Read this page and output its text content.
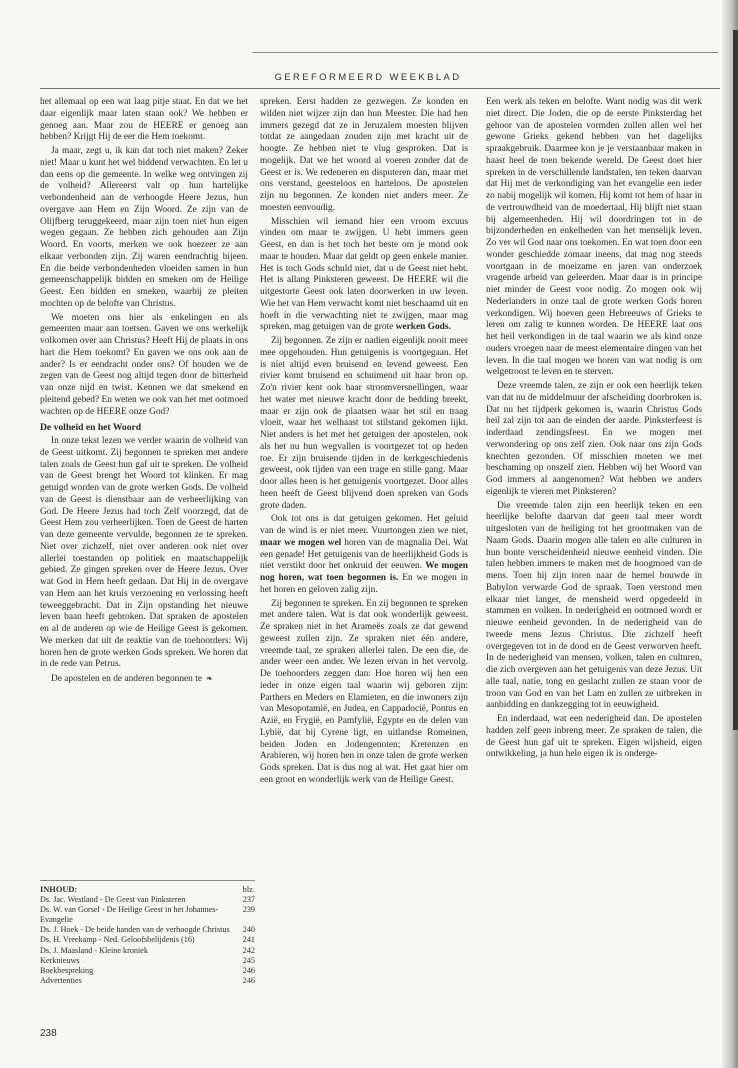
GEREFORMEERD WEEKBLAD

het allemaal op een wat laag pitje staat. En dat we het daar eigenlijk maar laten staan ook? We hebben er genoeg aan. Maar zou de HEERE er genoeg aan hebben? Krijgt Hij de eer die Hem toekomt.

Ja maar, zegt u, ik kan dat toch niet maken? Zeker niet! Maar u kunt het wel biddend verwachten. En let u dan eens op die gemeente. In welke weg ontvingen zij de volheid? Allereerst valt op hun hartelijke verbondenheid aan de verhoogde Heere Jezus, hun overgave aan Hem en Zijn Woord. Ze zijn van de Olijfberg teruggekeerd, maar zijn toen niet hun eigen wegen gegaan. Ze hebben zich gehouden aan Zijn Woord. En voorts, merken we ook hoezeer ze aan elkaar verbonden zijn. Zij waren eendrachtig bijeen. En die beide verbondenheden vloeiden samen in hun gemeenschappelijk bidden en smeken om de Heilige Geest. Een bidden en smeken, waarbij ze pleiten mochten op de belofte van Christus.

We moeten ons hier als enkelingen en als gemeenten maar aan toetsen. Gaven we ons werkelijk volkomen over aan Christus? Heeft Hij de plaats in ons hart die Hem toekomt? En gaven we ons ook aan de ander? Is er eendracht onder ons? Of houden we de zegen van de Geest nog altijd tegen door de bitterheid van onze nijd en twist. Kennen we dat smekend en pleitend gebed? En weten we ook van het met ootmoed wachten op de HEERE onze God?

De volheid en het Woord

In onze tekst lezen we verder waarin de volheid van de Geest uitkomt. Zij begonnen te spreken met andere talen zoals de Geest hun gaf uit te spreken. De volheid van de Geest brengt het Woord tot klinken. Er mag getuigd worden van de grote werken Gods. De volheid van de Geest is dienstbaar aan de verheerlijking van God. De Heere Jezus had toch Zelf voorzegd, dat de Geest Hem zou verheerlijken. Toen de Geest de harten van deze gemeente vervulde, begonnen ze te spreken. Niet over zichzelf, niet over anderen ook niet over allerlei toestanden op politiek en maatschappelijk gebied. Ze gingen spreken over de Heere Jezus. Over wat God in Hem heeft gedaan. Dat Hij in de overgave van Hem aan het kruis verzoening en verlossing heeft teweeggebracht. Dat in Zijn opstanding het nieuwe leven baan heeft gebroken. Dat spraken de apostelen en al de anderen op wie de Heilige Geest is gekomen. We merken dat uit de reaktie van de toehoorders: Wij horen hen de grote werken Gods spreken. We horen dat in de rede van Petrus.

De apostelen en de anderen begonnen te ❧

spreken. Eerst hadden ze gezwegen. Ze konden en wilden niet wijzer zijn dan hun Meester. Die had hen immers gezegd dat ze in Jeruzalem moesten blijven totdat ze aangedaan zouden zijn met kracht uit de hoogte. Ze hebben niet te vlug gesproken. Dat is mogelijk. Dat we het woord al voeren zonder dat de Geest er is. We redeneren en disputeren dan, maar met ons verstand, geesteloos en harteloos. De apostelen zijn nu begonnen. Ze konden niet anders meer. Ze moesten eenvoudig.

Misschien wil iemand hier een vroom excuus vinden om maar te zwijgen. U hebt immers geen Geest, en dan is het toch het beste om je mond ook maar te houden. Maar dat geldt op geen enkele manier. Het is toch Gods schuld niet, dat u de Geest niet hebt. Het is allang Pinksteren geweest. De HEERE wil die uitgestorte Geest ook laten doorwerken in uw leven. Wie het van Hem verwacht komt niet beschaamd uit en hoeft in die verwachting niet te zwijgen, maar mag spreken, mag getuigen van de grote werken Gods.

Zij begonnen. Ze zijn er nadien eigenlijk nooit meer mee opgehouden. Hun getuigenis is voortgegaan. Het is niet altijd even bruisend en levend geweest. Een rivier komt bruisend en schuimend uit haar bron op. Zo'n rivier kent ook haar stroomversnellingen, waar het water met nieuwe kracht door de bedding breekt, maar er zijn ook de plaatsen waar het stil en traag vloeit, waar het welhaast tot stilstand gekomen lijkt. Niet anders is het met het getuigen der apostelen, ook als het nu hun wegvallen is voortgezet tot op heden toe. Er zijn bruisende tijden in de kerkgeschiedenis geweest, ook tijden van een trage en stille gang. Maar door alles heen is het getuigenis voortgezet. Door alles heen heeft de Geest blijvend doen spreken van Gods grote daden.

Ook tot ons is dat getuigen gekomen. Het geluid van de wind is er niet meer. Vuurtongen zien we niet, maar we mogen wel horen van de magnalia Dei. Wat een genade! Het getuigenis van de heerlijkheid Gods is niet verstikt door het onkruid der eeuwen. We mogen nog horen, wat toen begonnen is. En we mogen in het horen en geloven zalig zijn.

Zij begonnen te spreken. En zij begonnen te spreken met andere talen. Wat is dat ook wonderlijk geweest. Ze spraken niet in het Arameës zoals ze dat gewend geweest zullen zijn. Ze spraken niet één andere, vreemde taal, ze spraken allerlei talen. De een die, de ander weer een ander. We lezen ervan in het vervolg. De toehoorders zeggen dan: Hoe horen wij hen een ieder in onze eigen taal waarin wij geboren zijn: Parthers en Meders en Elamieten, en die inwoners zijn van Mesopotamië, en Judea, en Cappadocië, Pontus en Azië, en Frygië, en Pamfylië, Egypte en de delen van Lybië, dat bij Cyrene ligt, en uitlandse Romeinen, beiden Joden en Jodengenoten; Kretenzen en Arabieren, wij horen hen in onze talen de grote werken Gods spreken. Dat is dus nog al wat. Het gaat hier om een groot en wonderlijk werk van de Heilige Geest.

Een werk als teken en belofte. Want nodig was dit werk niet direct. Die Joden, die op de eerste Pinksterdag het gehoor van de apostelen vormden zullen allen wel het gewone Grieks gekend hebben van het dagelijks spraakgebruik. Daarmee kon je je verstaanbaar maken in haast heel de toen bekende wereld. De Geest doet hier spreken in de verschillende landstalen, ten teken daarvan dat Hij met de verkondiging van het evangelie een ieder zo nabij mogelijk wil komen. Hij komt tot hem of haar in de vertrouwdheid van de moedertaal, Hij blijft niet staan bij algemeenheden. Hij wil doordringen tot in de bijzonderheden en enkelheden van het menselijk leven. Zo ver wil God naar ons toekomen. En wat toen door een wonder geschiedde zomaar ineens, dat mag nog steeds voortgaan in de moeizame en jaren van onderzoek vragende arbeid van geleerden. Maar daar is in principe niet minder de Geest voor nodig. Zo mogen ook wij Nederlanders in onze taal de grote werken Gods horen verkondigen. Wij hoeven geen Hebreeuws of Grieks te leren om zalig te kunnen worden. De HEERE laat ons het heil verkondigen in de taal waarin we als kind onze ouders vroegen naar de meest elementaire dingen van het leven. In die taal mogen we horen van wat nodig is om welgetroost te leven en te sterven.

Deze vreemde talen, ze zijn er ook een heerlijk teken van dat nu de middelmuur der afscheiding doorbroken is. Dat nu het tijdperk gekomen is, waarin Christus Gods heil zal zijn tot aan de einden der aarde. Pinksterfeest is inderdaad zendingsfeest. En we mogen met verwondering op ons zelf zien. Ook naar ons zijn Gods knechten gezonden. Of misschien moeten we met beschaming op onszelf zien. Hebben wij het Woord van God immers al aangenomen? Wat hebben we anders eigenlijk te vieren met Pinksteren?

Die vreemde talen zijn een heerlijk teken en een heerlijke belofte daarvan dat geen taal meer wordt uitgesloten van de heiliging tot het grootmaken van de Naam Gods. Daarin mogen alle talen en alle culturen in hun bonte verscheidenheid nieuwe eenheid vinden. Die talen hebben immers te maken met de hoogmoed van de mens. Toen hij zijn toren naar de hemel bouwde in Babylon verwarde God de spraak. Toen verstond men elkaar niet langer, de mensheid werd opgedeeld in stammen en volken. In nederigheid en ootmoed wordt er nieuwe eenheid gevonden. In de nederigheid van de tweede mens Jezus Christus. Die zichzelf heeft overgegeven tot in de dood en de Geest verworven heeft. In de nederigheid van mensen, volken, talen en culturen, die zich overgeven aan het getuigenis van deze Jezus. Uit alle taal, natie, tong en geslacht zullen ze staan voor de troon van God en van het Lam en zullen ze uitbreken in aanbidding en dankzegging tot in eeuwigheid.

En inderdaad, wat een nederigheid dan. De apostelen hadden zelf geen inbreng meer. Ze spraken de talen, die de Geest hun gaf uit te spreken. Eigen wijsheid, eigen ontwikkeling, ja hun hele eigen ik is onderge-

INHOUD:	blz.
Ds. Jac. Westland - De Geest van Pinksteren	237
Ds. W. van Gorsel - De Heilige Geest in het Johannes-Evangelie
239
Ds. J. Hoek - De beide handen van de verhoogde Christus	240
Ds. H. Vreekamp - Ned. Geloofsbelijdenis (16)	241
Ds. J. Maasland - Kleine kroniek	242
Kerknieuws	245
Boekbespreking	246
Advertenties	246
238
